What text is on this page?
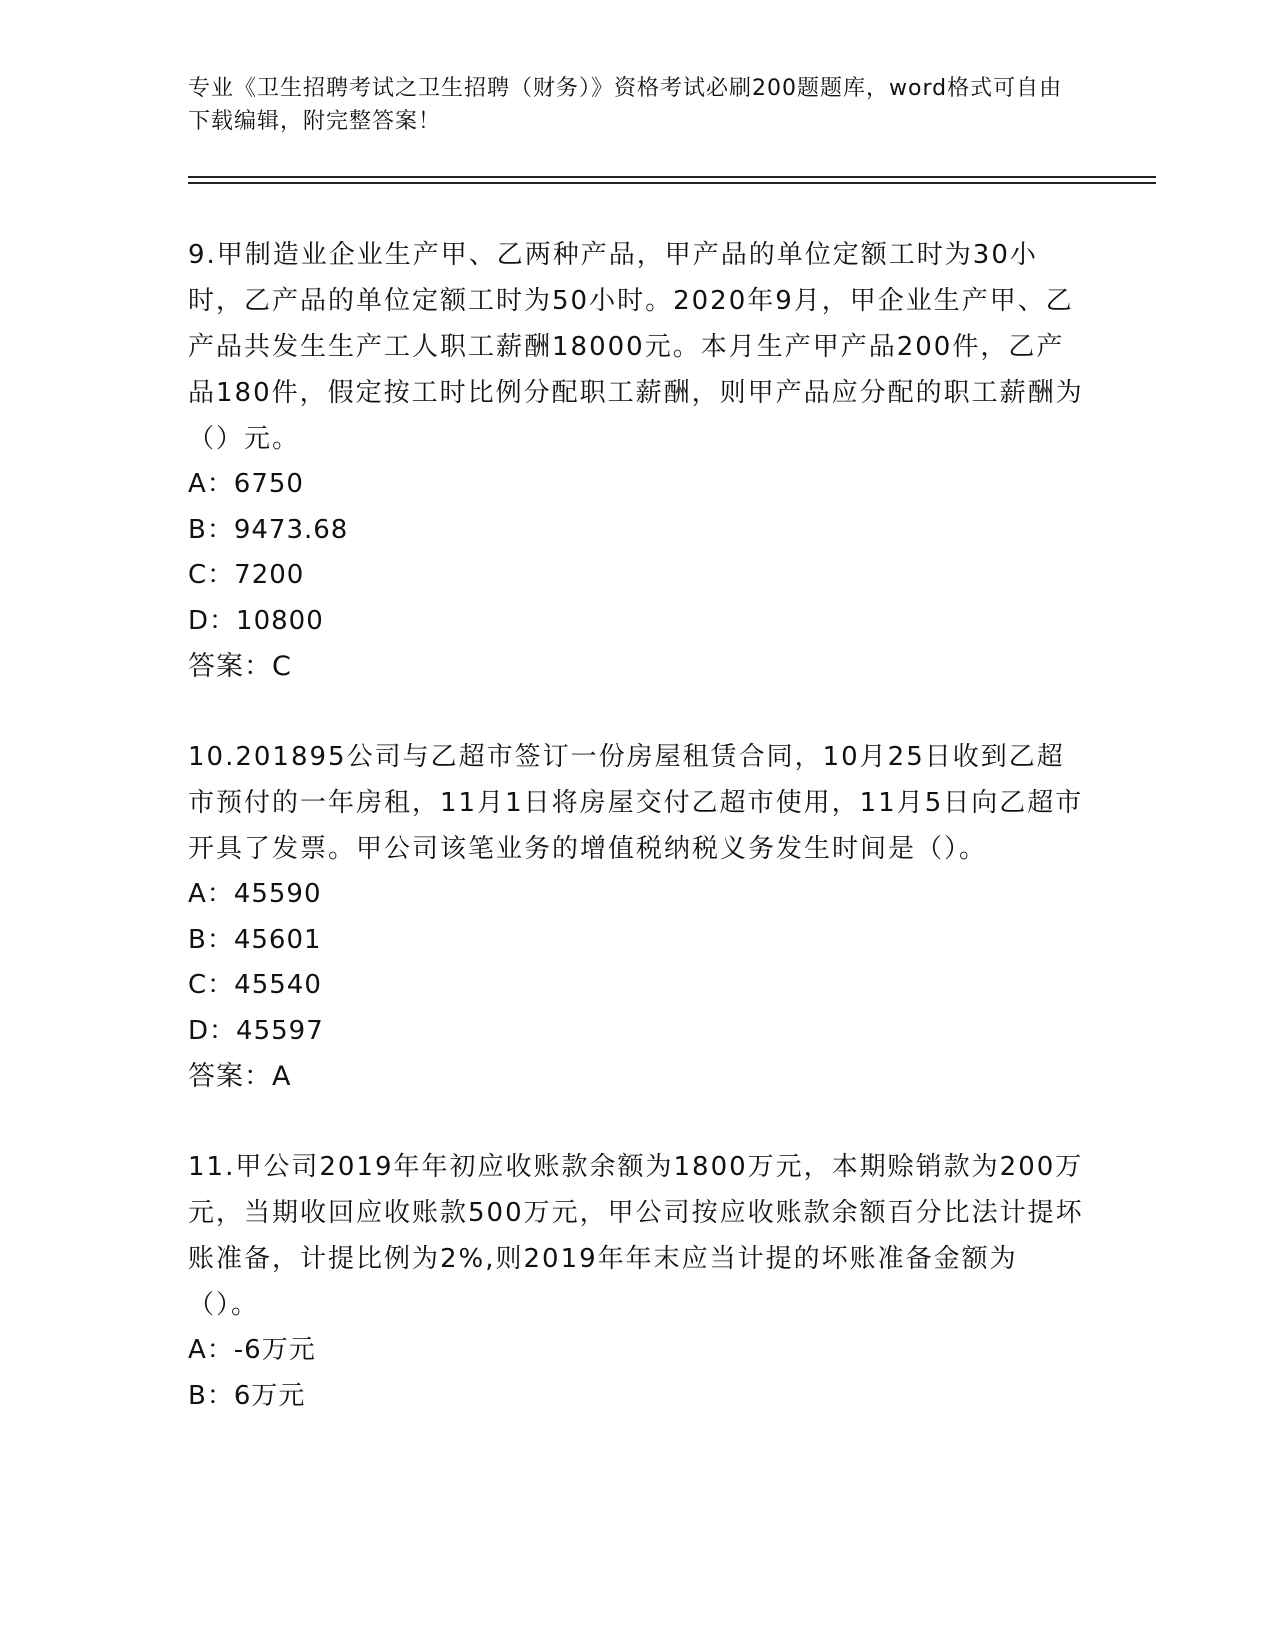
专业《卫生招聘考试之卫生招聘（财务）》资格考试必刷200题题库，word格式可自由下载编辑，附完整答案！

9.甲制造业企业生产甲、乙两种产品，甲产品的单位定额工时为30小时，乙产品的单位定额工时为50小时。2020年9月，甲企业生产甲、乙产品共发生生产工人职工薪酬18000元。本月生产甲产品200件，乙产品180件，假定按工时比例分配职工薪酬，则甲产品应分配的职工薪酬为（）元。

A：6750

B：9473.68

C：7200

D：10800

答案：C

10.201895公司与乙超市签订一份房屋租赁合同，10月25日收到乙超市预付的一年房租，11月1日将房屋交付乙超市使用，11月5日向乙超市开具了发票。甲公司该笔业务的增值税纳税义务发生时间是（）。

A：45590

B：45601

C：45540

D：45597

答案：A

11.甲公司2019年年初应收账款余额为1800万元，本期赊销款为200万元，当期收回应收账款500万元，甲公司按应收账款余额百分比法计提坏账准备，计提比例为2%,则2019年年末应当计提的坏账准备金额为（）。

A：-6万元

B：6万元
